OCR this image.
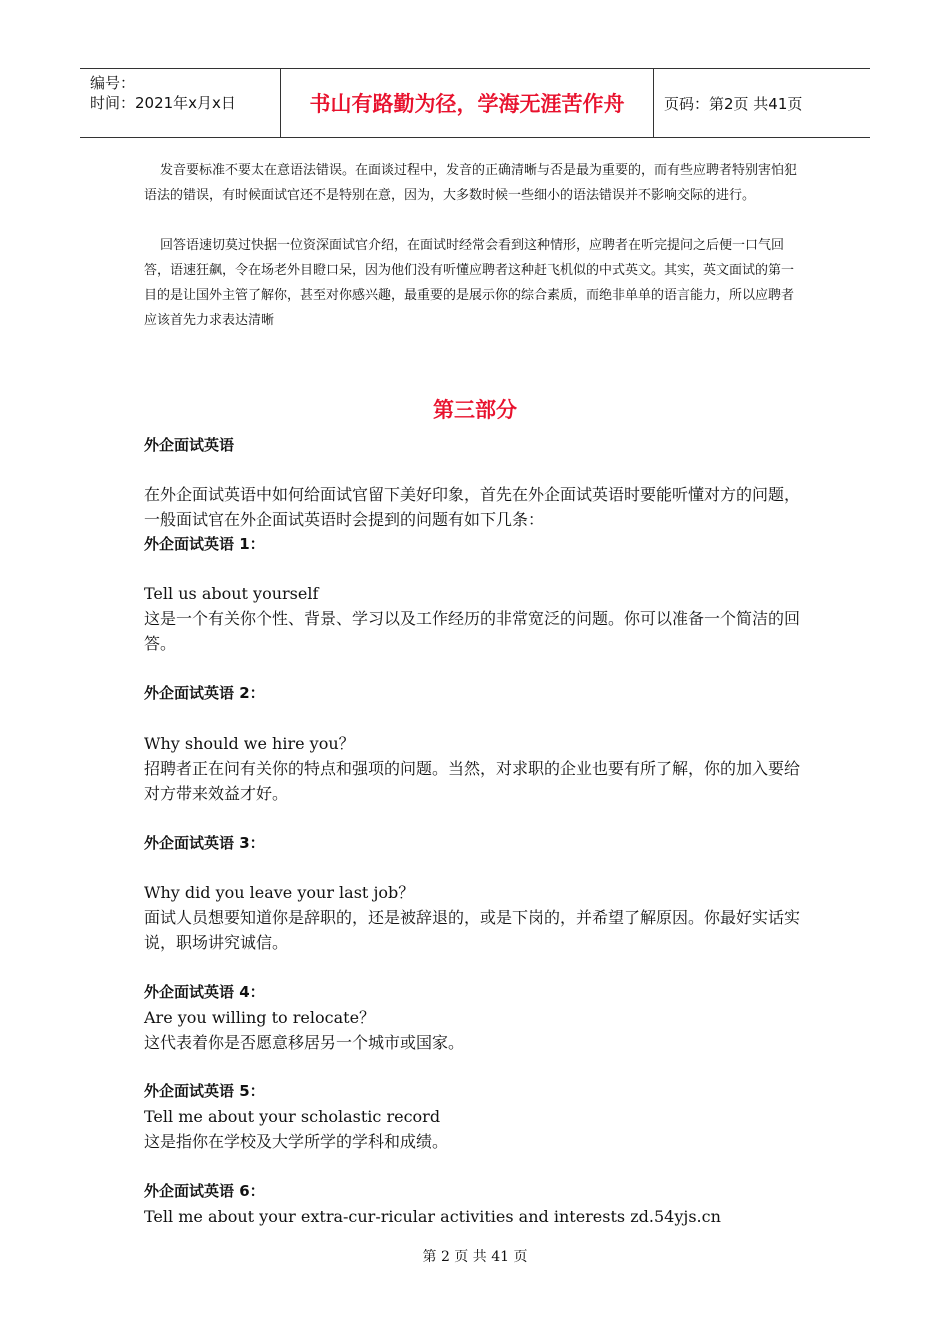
编号：
时间：2021年x月x日	书山有路勤为径，学海无涯苦作舟	页码：第2页 共41页

发音要标准不要太在意语法错误。在面谈过程中，发音的正确清晰与否是最为重要的，而有些应聘者特别害怕犯语法的错误，有时候面试官还不是特别在意，因为，大多数时候一些细小的语法错误并不影响交际的进行。

回答语速切莫过快据一位资深面试官介绍，在面试时经常会看到这种情形，应聘者在听完提问之后便一口气回答，语速狂飙，令在场老外目瞪口呆，因为他们没有听懂应聘者这种赶飞机似的中式英文。其实，英文面试的第一目的是让国外主管了解你，甚至对你感兴趣，最重要的是展示你的综合素质，而绝非单单的语言能力，所以应聘者应该首先力求表达清晰

第三部分
外企面试英语
在外企面试英语中如何给面试官留下美好印象，首先在外企面试英语时要能听懂对方的问题，一般面试官在外企面试英语时会提到的问题有如下几条：
外企面试英语 1：
Tell us about yourself
这是一个有关你个性、背景、学习以及工作经历的非常宽泛的问题。你可以准备一个简洁的回答。
外企面试英语 2：
Why should we hire you？
招聘者正在问有关你的特点和强项的问题。当然，对求职的企业也要有所了解，你的加入要给对方带来效益才好。
外企面试英语 3：
Why did you leave your last job？
面试人员想要知道你是辞职的，还是被辞退的，或是下岗的，并希望了解原因。你最好实话实说，职场讲究诚信。
外企面试英语 4：
Are you willing to relocate？
这代表着你是否愿意移居另一个城市或国家。
外企面试英语 5：
Tell me about your scholastic record
这是指你在学校及大学所学的学科和成绩。
外企面试英语 6：
Tell me about your extra-cur-ricular activities and interests zd.54yjs.cn
第 2 页 共 41 页
